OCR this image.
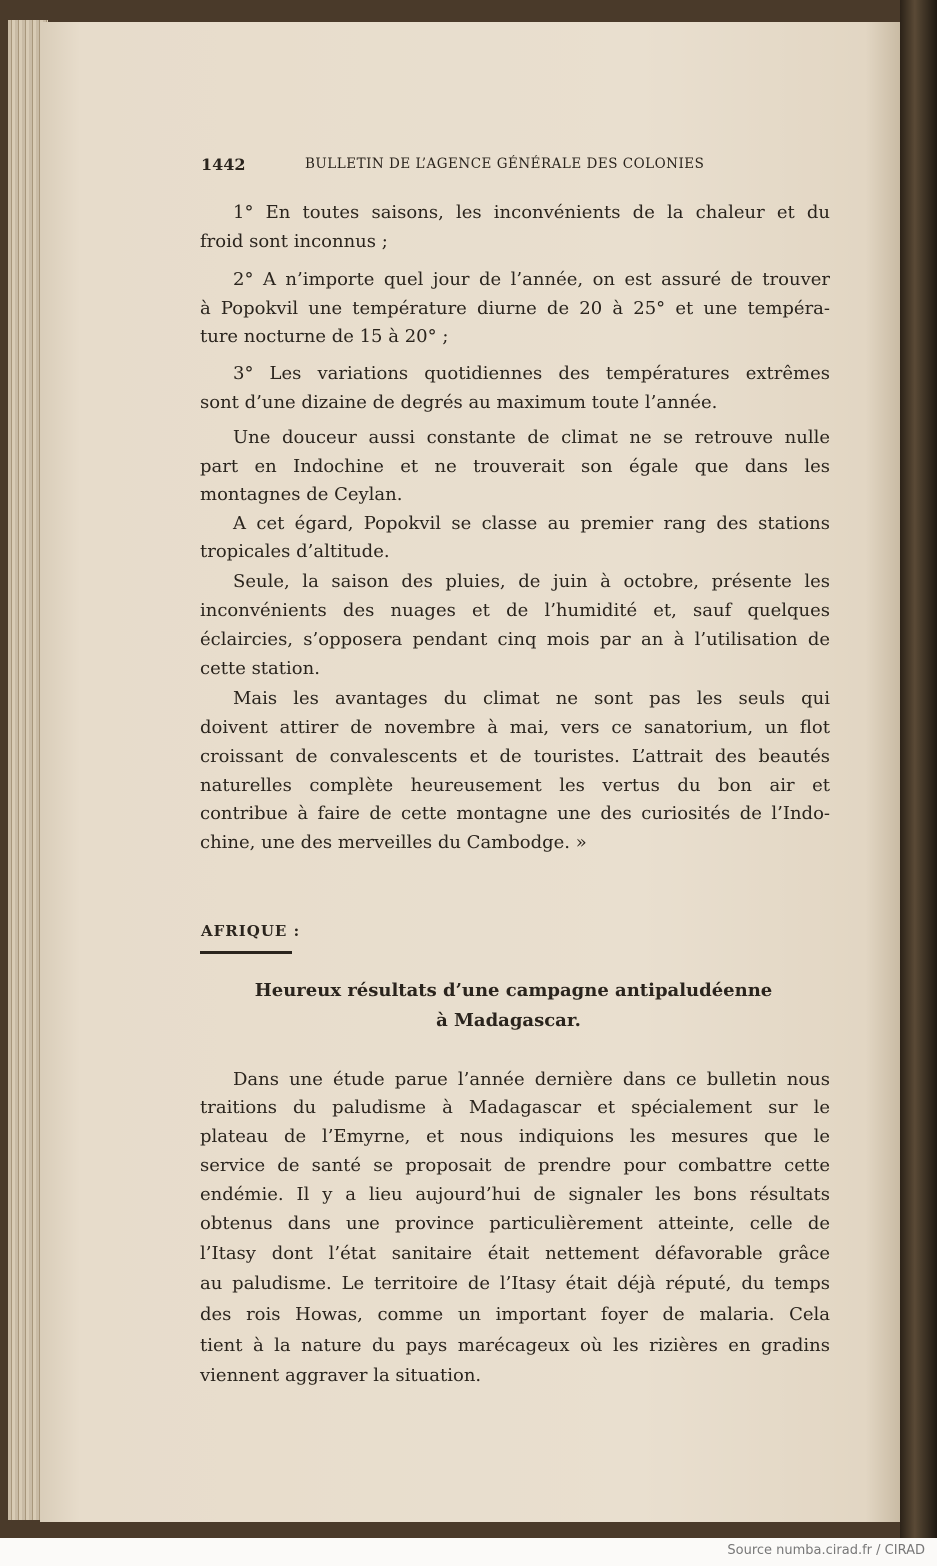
1442	BULLETIN DE L’AGENCE GÉNÉRALE DES COLONIES
1° En toutes saisons, les inconvénients de la chaleur et du
froid sont inconnus ;
2° A n’importe quel jour de l’année, on est assuré de trouver
à Popokvil une température diurne de 20 à 25° et une tempéra-
ture nocturne de 15 à 20° ;
3° Les variations quotidiennes des températures extrêmes
sont d’une dizaine de degrés au maximum toute l’année.
Une douceur aussi constante de climat ne se retrouve nulle
part en Indochine et ne trouverait son égale que dans les
montagnes de Ceylan.
A cet égard, Popokvil se classe au premier rang des stations
tropicales d’altitude.
Seule, la saison des pluies, de juin à octobre, présente les
inconvénients des nuages et de l’humidité et, sauf quelques
éclaircies, s’opposera pendant cinq mois par an à l’utilisation de
cette station.
Mais les avantages du climat ne sont pas les seuls qui
doivent attirer de novembre à mai, vers ce sanatorium, un flot
croissant de convalescents et de touristes. L’attrait des beautés
naturelles complète heureusement les vertus du bon air et
contribue à faire de cette montagne une des curiosités de l’Indo-
chine, une des merveilles du Cambodge. »
AFRIQUE :
Heureux résultats d’une campagne antipaludéenne
à Madagascar.
Dans une étude parue l’année dernière dans ce bulletin nous
traitions du paludisme à Madagascar et spécialement sur le
plateau de l’Emyrne, et nous indiquions les mesures que le
service de santé se proposait de prendre pour combattre cette
endémie. Il y a lieu aujourd’hui de signaler les bons résultats
obtenus dans une province particulièrement atteinte, celle de
l’Itasy dont l’état sanitaire était nettement défavorable grâce
au paludisme. Le territoire de l’Itasy était déjà réputé, du temps
des rois Howas, comme un important foyer de malaria. Cela
tient à la nature du pays marécageux où les rizières en gradins
viennent aggraver la situation.
Source numba.cirad.fr / CIRAD
